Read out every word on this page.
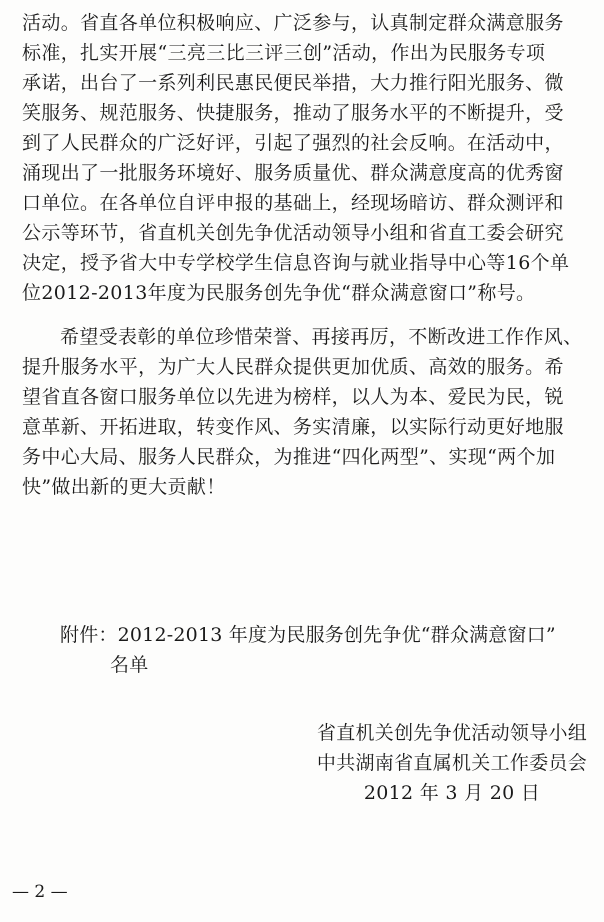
活动。省直各单位积极响应、广泛参与，认真制定群众满意服务
标准，扎实开展“三亮三比三评三创”活动，作出为民服务专项
承诺，出台了一系列利民惠民便民举措，大力推行阳光服务、微
笑服务、规范服务、快捷服务，推动了服务水平的不断提升，受
到了人民群众的广泛好评，引起了强烈的社会反响。在活动中，
涌现出了一批服务环境好、服务质量优、群众满意度高的优秀窗
口单位。在各单位自评申报的基础上，经现场暗访、群众测评和
公示等环节，省直机关创先争优活动领导小组和省直工委会研究
决定，授予省大中专学校学生信息咨询与就业指导中心等16个单
位2012-2013年度为民服务创先争优“群众满意窗口”称号。
希望受表彰的单位珍惜荣誉、再接再厉，不断改进工作作风、
提升服务水平，为广大人民群众提供更加优质、高效的服务。希
望省直各窗口服务单位以先进为榜样，以人为本、爱民为民，锐
意革新、开拓进取，转变作风、务实清廉，以实际行动更好地服
务中心大局、服务人民群众，为推进“四化两型”、实现“两个加
快”做出新的更大贡献！
附件：2012-2013 年度为民服务创先争优“群众满意窗口”
名单
省直机关创先争优活动领导小组
中共湖南省直属机关工作委员会
2012 年 3 月 20 日
— 2 —
